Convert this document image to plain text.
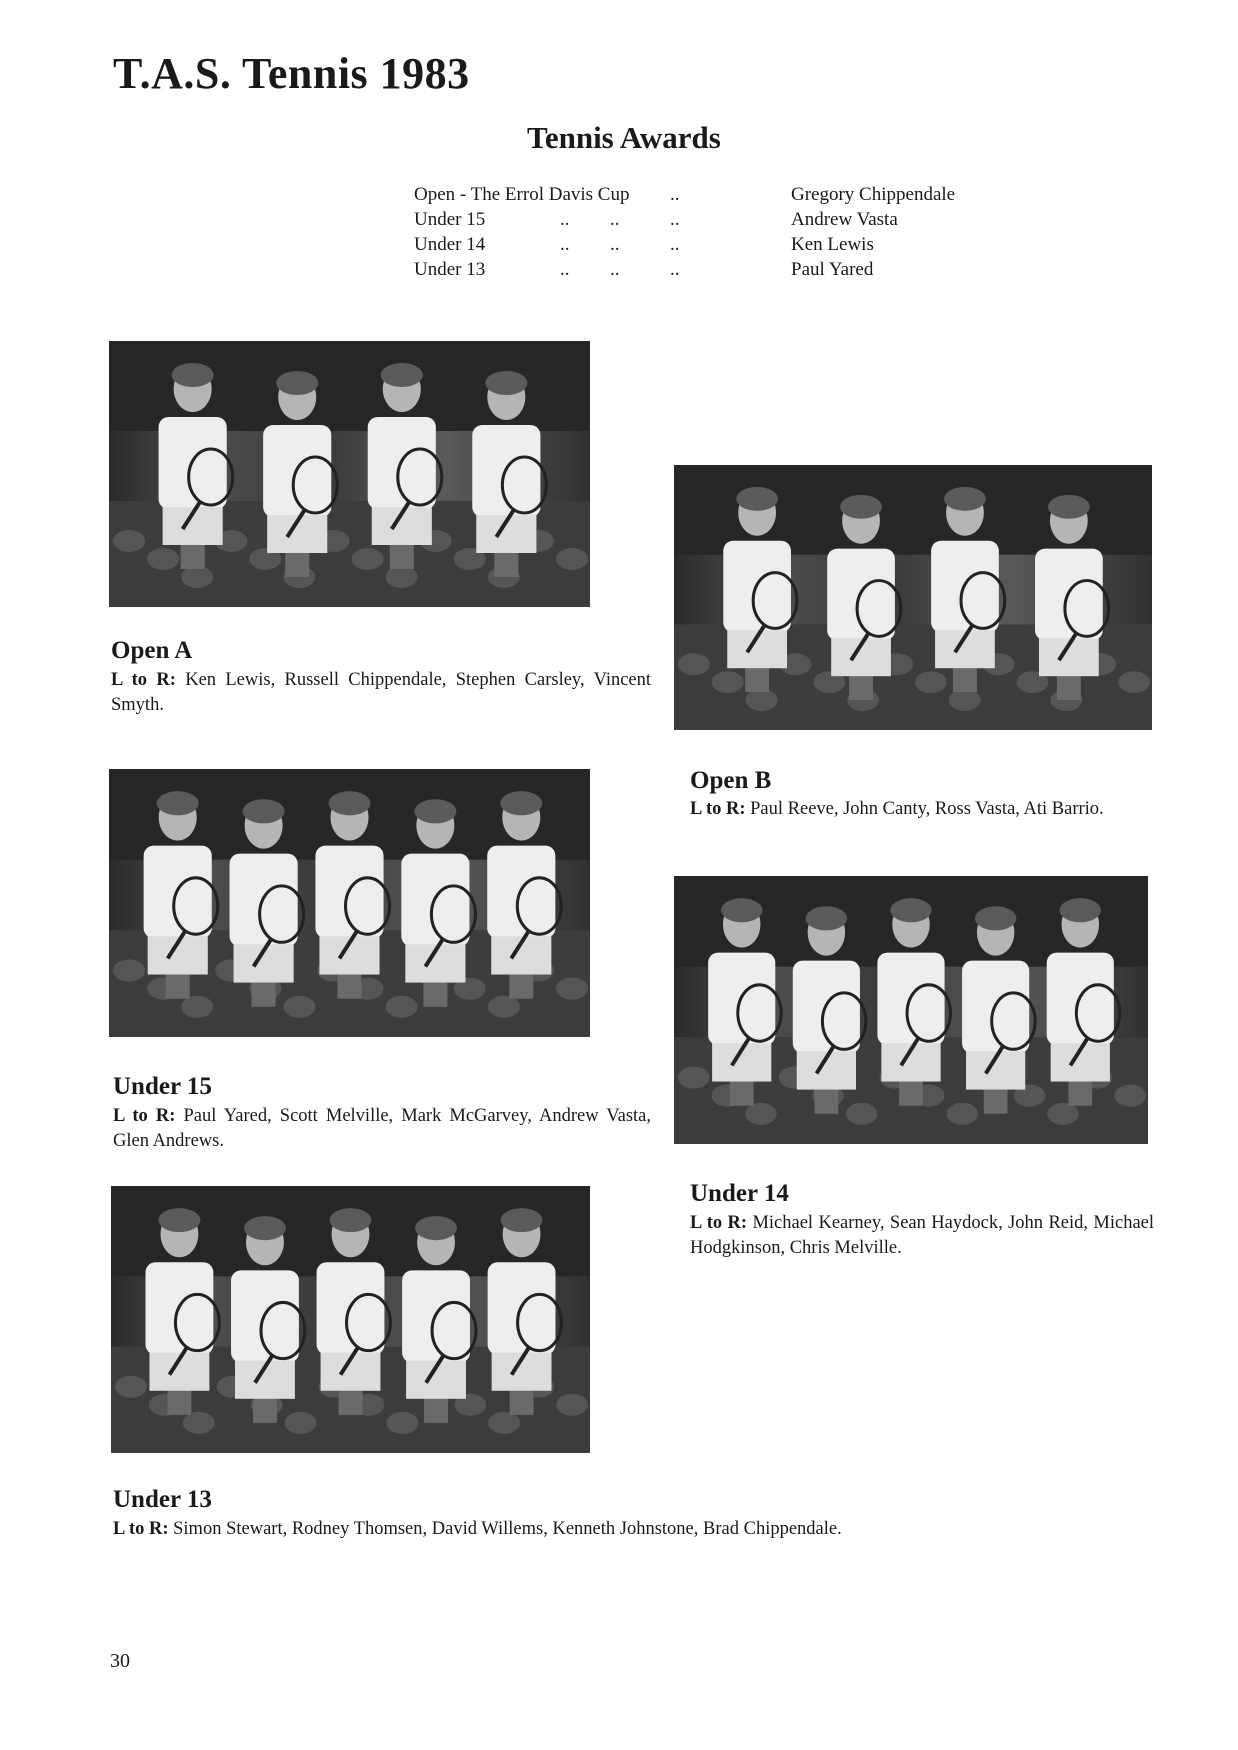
T.A.S. Tennis 1983
Tennis Awards
Open - The Errol Davis Cup ..	Gregory Chippendale
Under 15	.. ..	..	Andrew Vasta
Under 14	.. ..	..	Ken Lewis
Under 13	.. ..	..	Paul Yared
Open A
L to R: Ken Lewis, Russell Chippendale, Stephen Carsley, Vincent Smyth.
Open B
L to R: Paul Reeve, John Canty, Ross Vasta, Ati Barrio.
Under 15
L to R: Paul Yared, Scott Melville, Mark McGarvey, Andrew Vasta, Glen Andrews.
Under 14
L to R: Michael Kearney, Sean Haydock, John Reid, Michael Hodgkinson, Chris Melville.
Under 13
L to R: Simon Stewart, Rodney Thomsen, David Willems, Kenneth Johnstone, Brad Chippendale.
30
